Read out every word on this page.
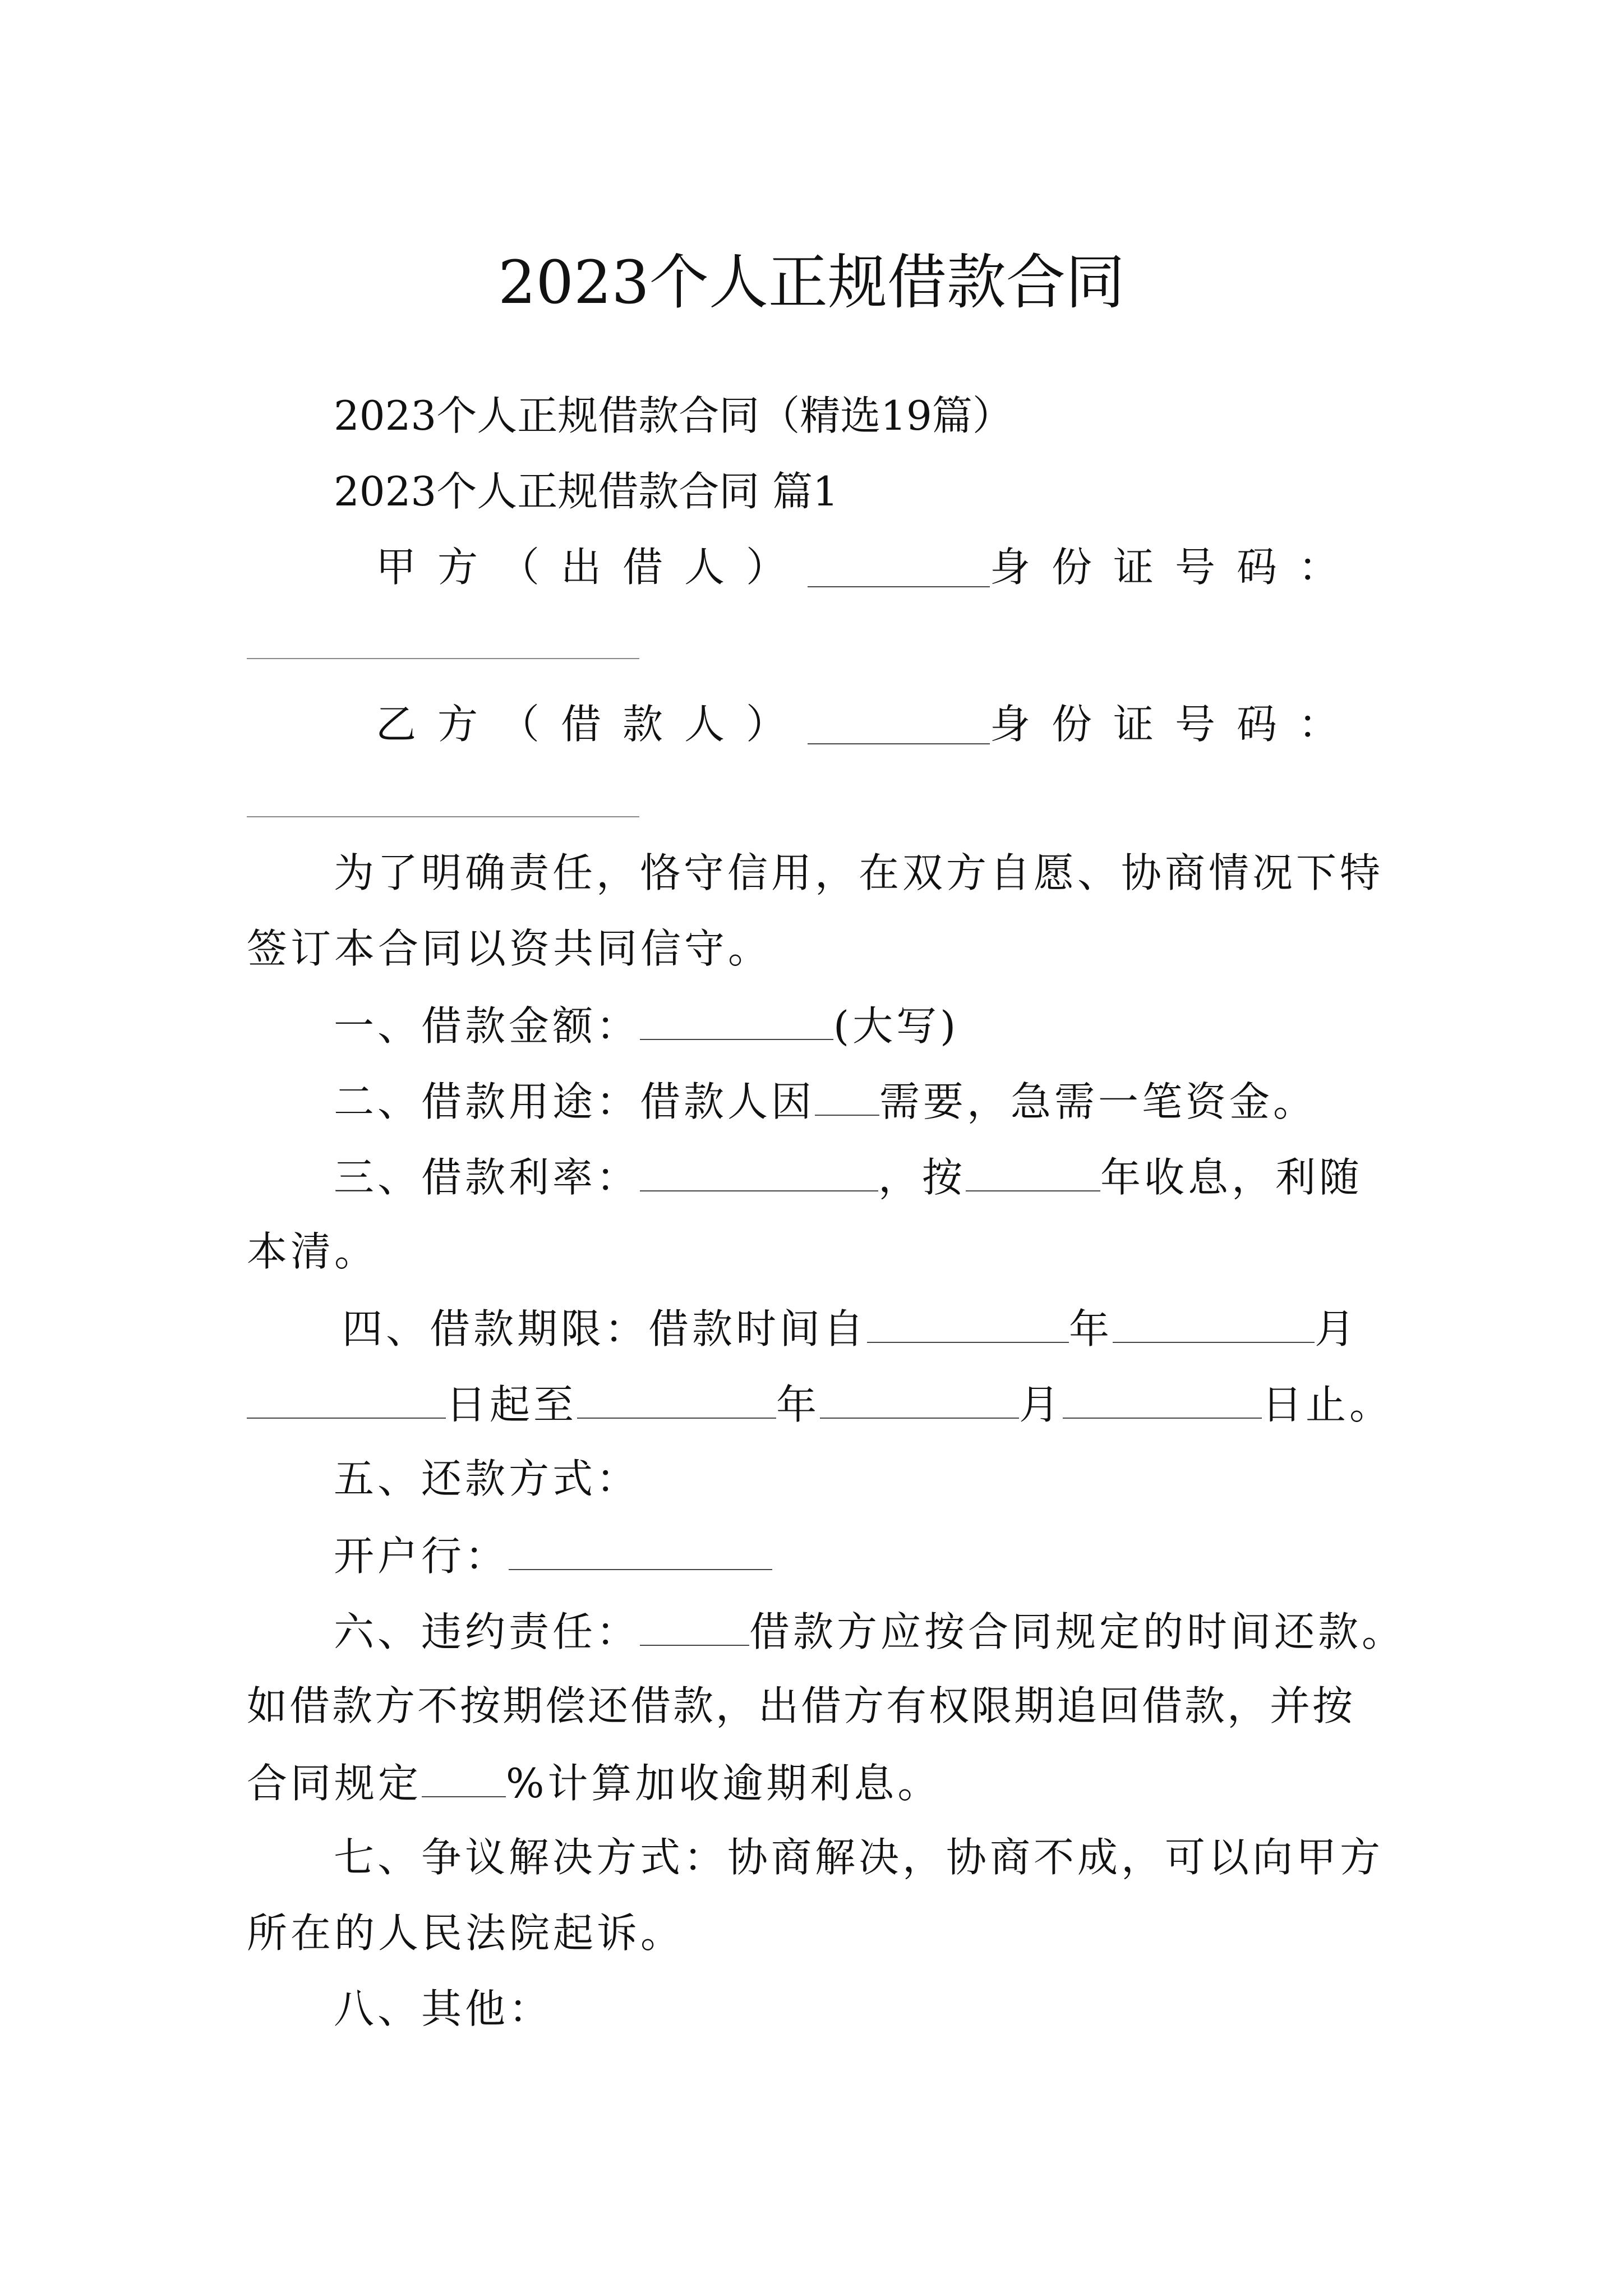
2023个人正规借款合同
2023个人正规借款合同（精选19篇）
2023个人正规借款合同 篇1
甲方（出借人）	身份证号码：
乙方（借款人）	身份证号码：
为了明确责任，恪守信用，在双方自愿、协商情况下特
签订本合同以资共同信守。
一、借款金额：	(大写)
二、借款用途：借款人因 需要，急需一笔资金。
三、借款利率：	，按	年收息，利随
本清。
四、借款期限：借款时间自	年	月
日起至	年	月	日止。
五、还款方式：
开户行：
六、违约责任：	借款方应按合同规定的时间还款。
如借款方不按期偿还借款，出借方有权限期追回借款，并按
合同规定 %计算加收逾期利息。
七、争议解决方式：协商解决，协商不成，可以向甲方
所在的人民法院起诉。
八、其他：
